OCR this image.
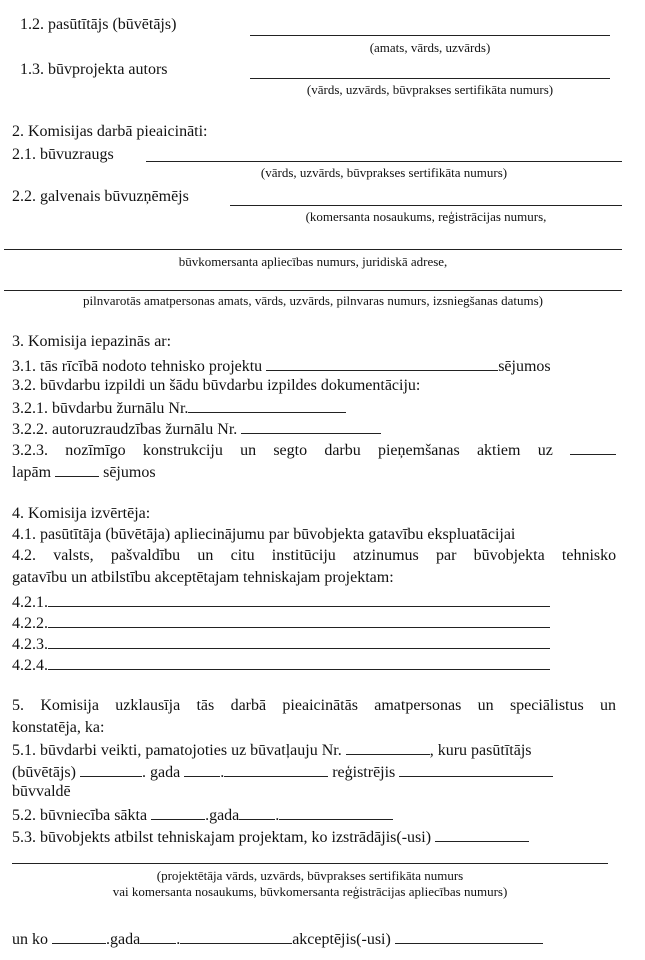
1.2. pasūtītājs (būvētājs)
(amats, vārds, uzvārds)
1.3. būvprojekta autors
(vārds, uzvārds, būvprakses sertifikāta numurs)
2. Komisijas darbā pieaicināti:
2.1. būvuzraugs
(vārds, uzvārds, būvprakses sertifikāta numurs)
2.2. galvenais būvuzņēmējs
(komersanta nosaukums, reģistrācijas numurs,
būvkomersanta apliecības numurs, juridiskā adrese,
pilnvarotās amatpersonas amats, vārds, uzvārds, pilnvaras numurs, izsniegšanas datums)
3. Komisija iepazinās ar:
3.1. tās rīcībā nodoto tehnisko projektu	sējumos
3.2. būvdarbu izpildi un šādu būvdarbu izpildes dokumentāciju:
3.2.1. būvdarbu žurnālu Nr.
3.2.2. autoruzraudzības žurnālu Nr.
3.2.3. nozīmīgo konstrukciju un segto darbu pieņemšanas aktiem uz
lapām	sējumos
4. Komisija izvērtēja:
4.1. pasūtītāja (būvētāja) apliecinājumu par būvobjekta gatavību ekspluatācijai
4.2. valsts, pašvaldību un citu institūciju atzinumus par būvobjekta tehnisko
gatavību un atbilstību akceptētajam tehniskajam projektam:
4.2.1.
4.2.2.
4.2.3.
4.2.4.
5. Komisija uzklausīja tās darbā pieaicinātās amatpersonas un speciālistus un
konstatēja, ka:
5.1. būvdarbi veikti, pamatojoties uz būvatļauju Nr.	, kuru pasūtītājs
(būvētājs)	. gada	.	reģistrējis
būvvaldē
5.2. būvniecība sākta	.gada .
5.3. būvobjekts atbilst tehniskajam projektam, ko izstrādājis(-usi)
(projektētāja vārds, uzvārds, būvprakses sertifikāta numurs
vai komersanta nosaukums, būvkomersanta reģistrācijas apliecības numurs)
un ko	.gada .	akceptējis(-usi)
